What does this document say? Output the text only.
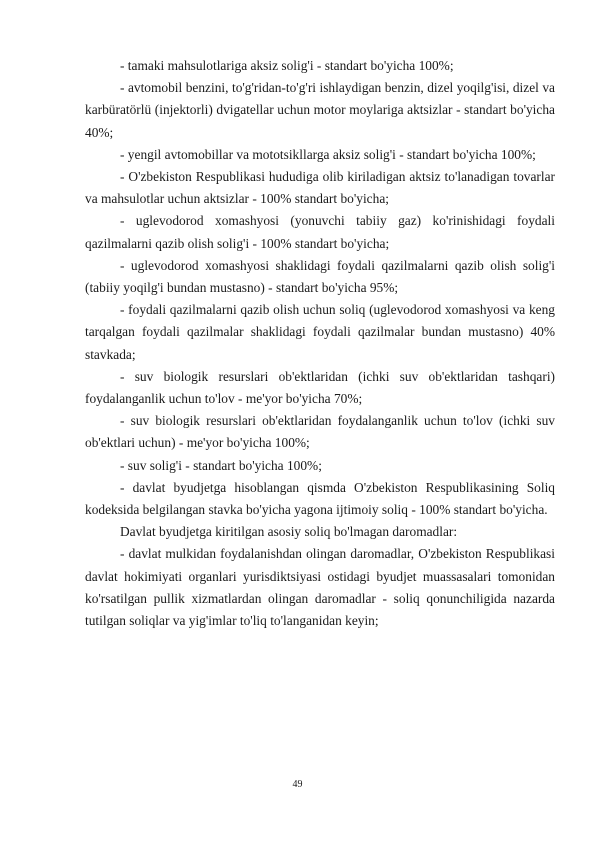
- tamaki mahsulotlariga aksiz solig'i - standart bo'yicha 100%;

- avtomobil benzini, to'g'ridan-to'g'ri ishlaydigan benzin, dizel yoqilg'isi, dizel va karbüratörlü (injektorli) dvigatellar uchun motor moylariga aktsizlar - standart bo'yicha 40%;

- yengil avtomobillar va mototsikllarga aksiz solig'i - standart bo'yicha 100%;

- O'zbekiston Respublikasi hududiga olib kiriladigan aktsiz to'lanadigan tovarlar va mahsulotlar uchun aktsizlar - 100% standart bo'yicha;

- uglevodorod xomashyosi (yonuvchi tabiiy gaz) ko'rinishidagi foydali qazilmalarni qazib olish solig'i - 100% standart bo'yicha;

- uglevodorod xomashyosi shaklidagi foydali qazilmalarni qazib olish solig'i (tabiiy yoqilg'i bundan mustasno) - standart bo'yicha 95%;

- foydali qazilmalarni qazib olish uchun soliq (uglevodorod xomashyosi va keng tarqalgan foydali qazilmalar shaklidagi foydali qazilmalar bundan mustasno) 40% stavkada;

- suv biologik resurslari ob'ektlaridan (ichki suv ob'ektlaridan tashqari) foydalanganlik uchun to'lov - me'yor bo'yicha 70%;

- suv biologik resurslari ob'ektlaridan foydalanganlik uchun to'lov (ichki suv ob'ektlari uchun) - me'yor bo'yicha 100%;

- suv solig'i - standart bo'yicha 100%;

- davlat byudjetga hisoblangan qismda O'zbekiston Respublikasining Soliq kodeksida belgilangan stavka bo'yicha yagona ijtimoiy soliq - 100% standart bo'yicha.

Davlat byudjetga kiritilgan asosiy soliq bo'lmagan daromadlar:

- davlat mulkidan foydalanishdan olingan daromadlar, O'zbekiston Respublikasi davlat hokimiyati organlari yurisdiktsiyasi ostidagi byudjet muassasalari tomonidan ko'rsatilgan pullik xizmatlardan olingan daromadlar - soliq qonunchiligida nazarda tutilgan soliqlar va yig'imlar to'liq to'langanidan keyin;

49
